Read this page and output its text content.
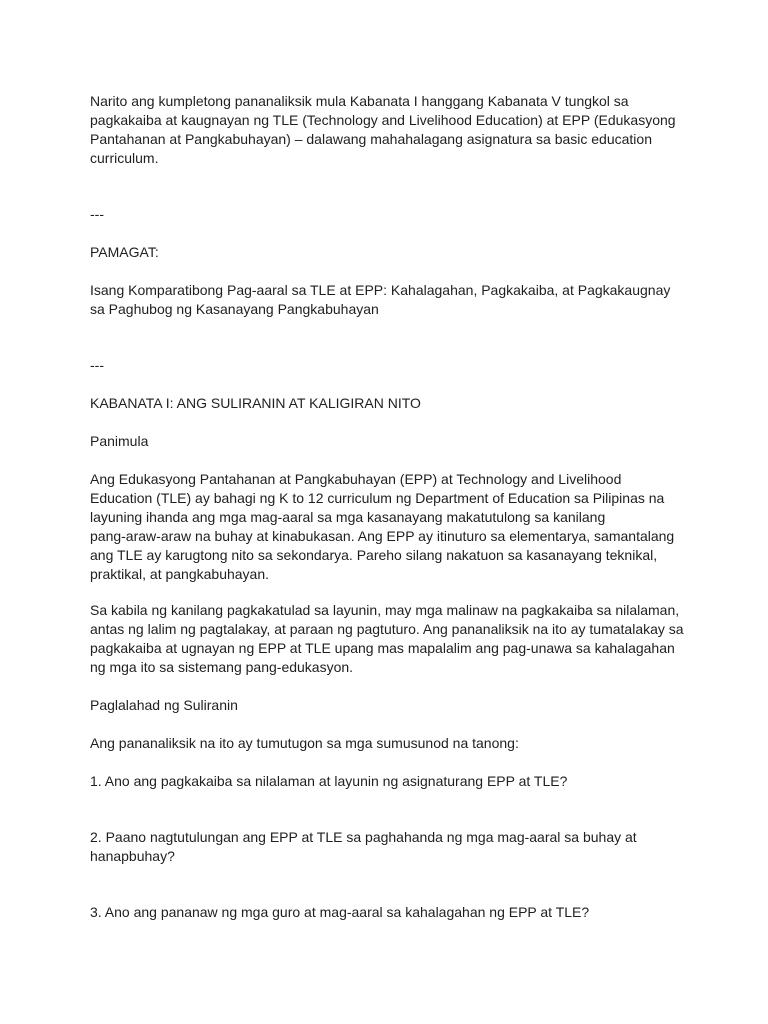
Narito ang kumpletong pananaliksik mula Kabanata I hanggang Kabanata V tungkol sa

pagkakaiba at kaugnayan ng TLE (Technology and Livelihood Education) at EPP (Edukasyong

Pantahanan at Pangkabuhayan) – dalawang mahahalagang asignatura sa basic education

curriculum.

---

PAMAGAT:

Isang Komparatibong Pag-aaral sa TLE at EPP: Kahalagahan, Pagkakaiba, at Pagkakaugnay

sa Paghubog ng Kasanayang Pangkabuhayan

---

KABANATA I: ANG SULIRANIN AT KALIGIRAN NITO

Panimula

Ang Edukasyong Pantahanan at Pangkabuhayan (EPP) at Technology and Livelihood

Education (TLE) ay bahagi ng K to 12 curriculum ng Department of Education sa Pilipinas na

layuning ihanda ang mga mag-aaral sa mga kasanayang makatutulong sa kanilang

pang-araw-araw na buhay at kinabukasan. Ang EPP ay itinuturo sa elementarya, samantalang

ang TLE ay karugtong nito sa sekondarya. Pareho silang nakatuon sa kasanayang teknikal,

praktikal, at pangkabuhayan.

Sa kabila ng kanilang pagkakatulad sa layunin, may mga malinaw na pagkakaiba sa nilalaman,

antas ng lalim ng pagtalakay, at paraan ng pagtuturo. Ang pananaliksik na ito ay tumatalakay sa

pagkakaiba at ugnayan ng EPP at TLE upang mas mapalalim ang pag-unawa sa kahalagahan

ng mga ito sa sistemang pang-edukasyon.

Paglalahad ng Suliranin

Ang pananaliksik na ito ay tumutugon sa mga sumusunod na tanong:

1. Ano ang pagkakaiba sa nilalaman at layunin ng asignaturang EPP at TLE?

2. Paano nagtutulungan ang EPP at TLE sa paghahanda ng mga mag-aaral sa buhay at

hanapbuhay?

3. Ano ang pananaw ng mga guro at mag-aaral sa kahalagahan ng EPP at TLE?
